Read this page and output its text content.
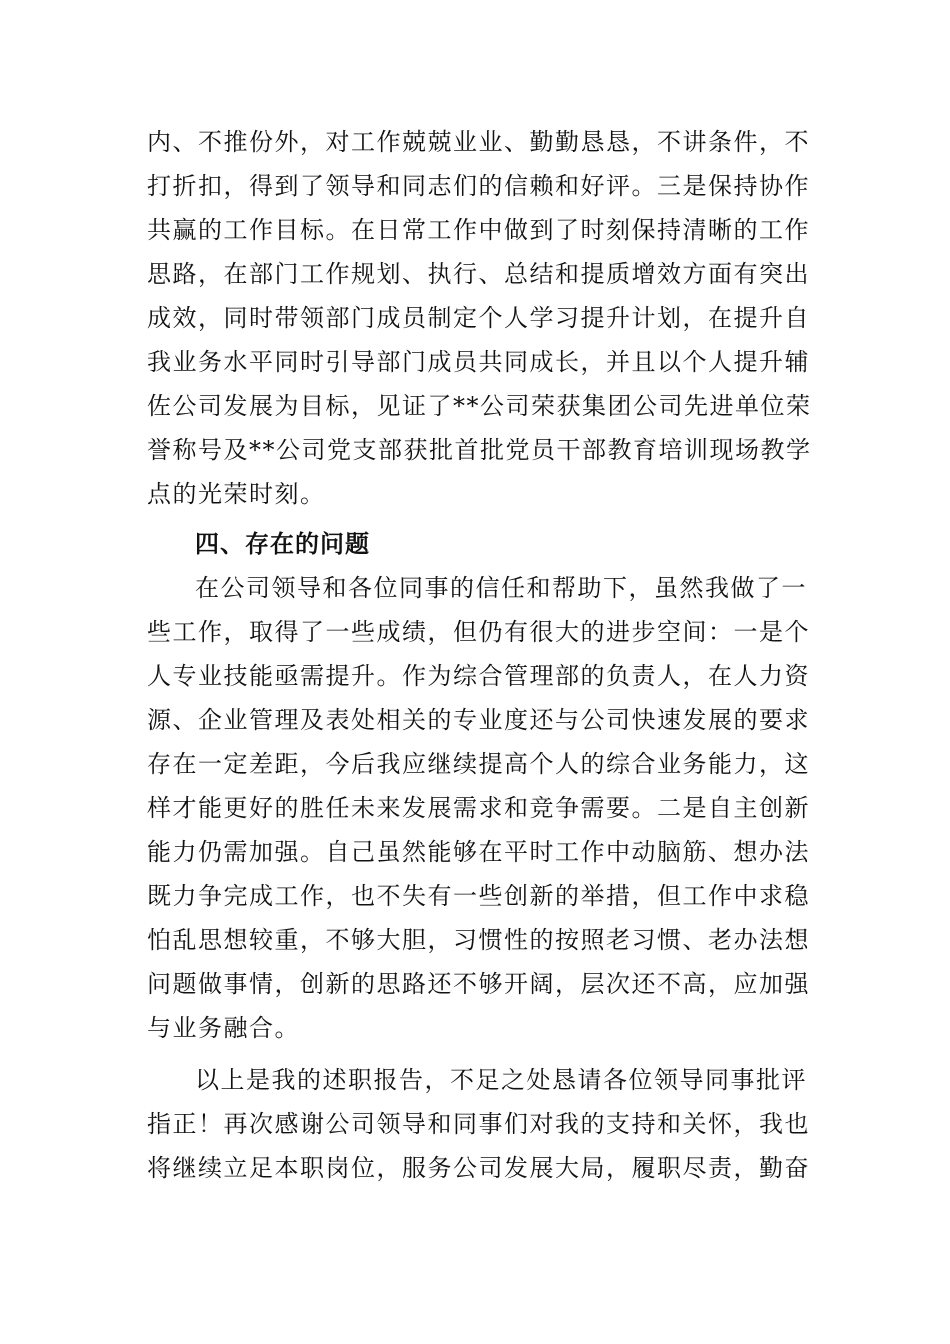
内、不推份外，对工作兢兢业业、勤勤恳恳，不讲条件，不
打折扣，得到了领导和同志们的信赖和好评。三是保持协作
共赢的工作目标。在日常工作中做到了时刻保持清晰的工作
思路，在部门工作规划、执行、总结和提质增效方面有突出
成效，同时带领部门成员制定个人学习提升计划，在提升自
我业务水平同时引导部门成员共同成长，并且以个人提升辅
佐公司发展为目标，见证了**公司荣获集团公司先进单位荣
誉称号及**公司党支部获批首批党员干部教育培训现场教学
点的光荣时刻。
四、存在的问题
在公司领导和各位同事的信任和帮助下，虽然我做了一
些工作，取得了一些成绩，但仍有很大的进步空间：一是个
人专业技能亟需提升。作为综合管理部的负责人，在人力资
源、企业管理及表处相关的专业度还与公司快速发展的要求
存在一定差距，今后我应继续提高个人的综合业务能力，这
样才能更好的胜任未来发展需求和竞争需要。二是自主创新
能力仍需加强。自己虽然能够在平时工作中动脑筋、想办法
既力争完成工作，也不失有一些创新的举措，但工作中求稳
怕乱思想较重，不够大胆，习惯性的按照老习惯、老办法想
问题做事情，创新的思路还不够开阔，层次还不高，应加强
与业务融合。
以上是我的述职报告，不足之处恳请各位领导同事批评
指正！再次感谢公司领导和同事们对我的支持和关怀，我也
将继续立足本职岗位，服务公司发展大局，履职尽责，勤奋
